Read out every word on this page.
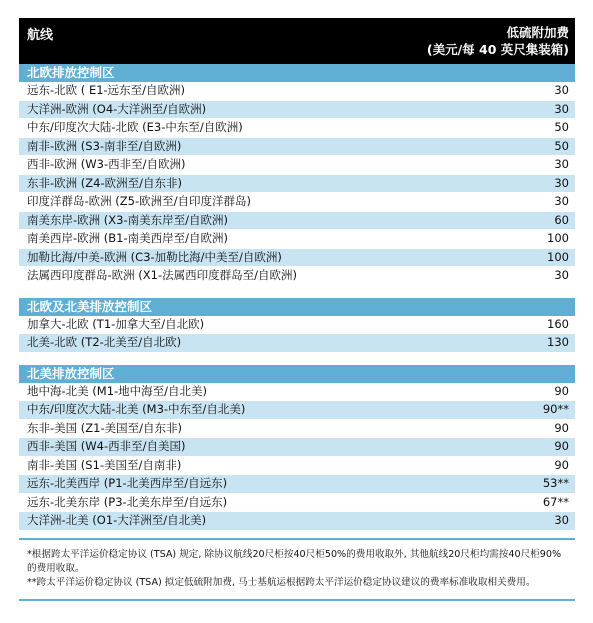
航线	低硫附加费
(美元/每 40 英尺集装箱)
北欧排放控制区
远东-北欧 ( E1-远东至/自欧洲)	30
大洋洲-欧洲 (O4-大洋洲至/自欧洲)	30
中东/印度次大陆-北欧 (E3-中东至/自欧洲)	50
南非-欧洲 (S3-南非至/自欧洲)	50
西非-欧洲 (W3-西非至/自欧洲)	30
东非-欧洲 (Z4-欧洲至/自东非)	30
印度洋群岛-欧洲 (Z5-欧洲至/自印度洋群岛)	30
南美东岸-欧洲 (X3-南美东岸至/自欧洲)	60
南美西岸-欧洲 (B1-南美西岸至/自欧洲)	100
加勒比海/中美-欧洲 (C3-加勒比海/中美至/自欧洲)	100
法属西印度群岛-欧洲 (X1-法属西印度群岛至/自欧洲)	30
北欧及北美排放控制区
加拿大-北欧 (T1-加拿大至/自北欧)	160
北美-北欧 (T2-北美至/自北欧)	130
北美排放控制区
地中海-北美 (M1-地中海至/自北美)	90
中东/印度次大陆-北美 (M3-中东至/自北美)	90**
东非-美国 (Z1-美国至/自东非)	90
西非-美国 (W4-西非至/自美国)	90
南非-美国 (S1-美国至/自南非)	90
远东-北美西岸 (P1-北美西岸至/自远东)	53**
远东-北美东岸 (P3-北美东岸至/自远东)	67**
大洋洲-北美 (O1-大洋洲至/自北美)	30

*根据跨太平洋运价稳定协议 (TSA) 规定, 除协议航线20尺柜按40尺柜50%的费用收取外, 其他航线20尺柜均需按40尺柜90%的费用收取。

**跨太平洋运价稳定协议 (TSA) 拟定低硫附加费, 马士基航运根据跨太平洋运价稳定协议建议的费率标准收取相关费用。
